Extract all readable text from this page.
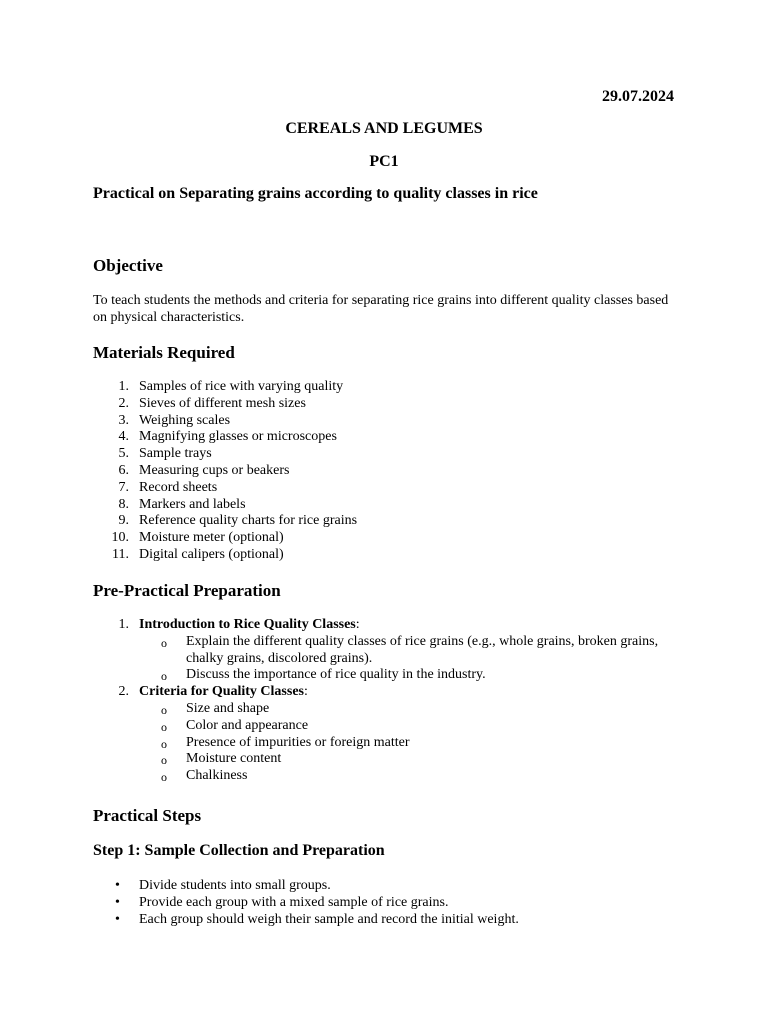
29.07.2024
CEREALS AND LEGUMES
PC1
Practical on Separating grains according to quality classes in rice
Objective
To teach students the methods and criteria for separating rice grains into different quality classes based on physical characteristics.
Materials Required
1. Samples of rice with varying quality
2. Sieves of different mesh sizes
3. Weighing scales
4. Magnifying glasses or microscopes
5. Sample trays
6. Measuring cups or beakers
7. Record sheets
8. Markers and labels
9. Reference quality charts for rice grains
10. Moisture meter (optional)
11. Digital calipers (optional)
Pre-Practical Preparation
1. Introduction to Rice Quality Classes:
o Explain the different quality classes of rice grains (e.g., whole grains, broken grains, chalky grains, discolored grains).
o Discuss the importance of rice quality in the industry.
2. Criteria for Quality Classes:
o Size and shape
o Color and appearance
o Presence of impurities or foreign matter
o Moisture content
o Chalkiness
Practical Steps
Step 1: Sample Collection and Preparation
• Divide students into small groups.
• Provide each group with a mixed sample of rice grains.
• Each group should weigh their sample and record the initial weight.
